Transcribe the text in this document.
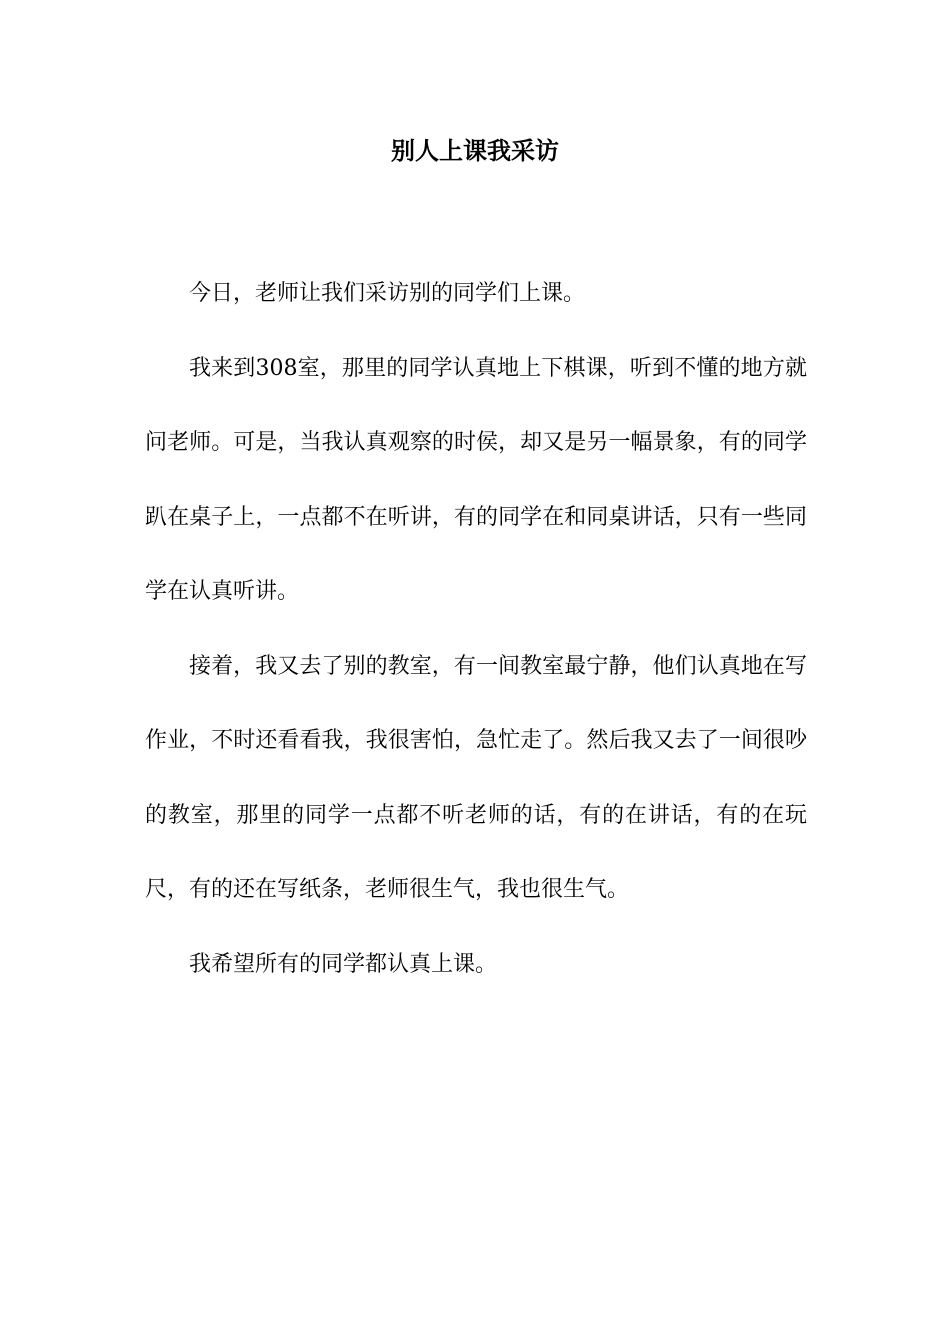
别人上课我采访

今日，老师让我们采访别的同学们上课。

我来到308室，那里的同学认真地上下棋课，听到不懂的地方就问老师。可是，当我认真观察的时侯，却又是另一幅景象，有的同学趴在桌子上，一点都不在听讲，有的同学在和同桌讲话，只有一些同学在认真听讲。

接着，我又去了别的教室，有一间教室最宁静，他们认真地在写作业，不时还看看我，我很害怕，急忙走了。然后我又去了一间很吵的教室，那里的同学一点都不听老师的话，有的在讲话，有的在玩尺，有的还在写纸条，老师很生气，我也很生气。

我希望所有的同学都认真上课。
